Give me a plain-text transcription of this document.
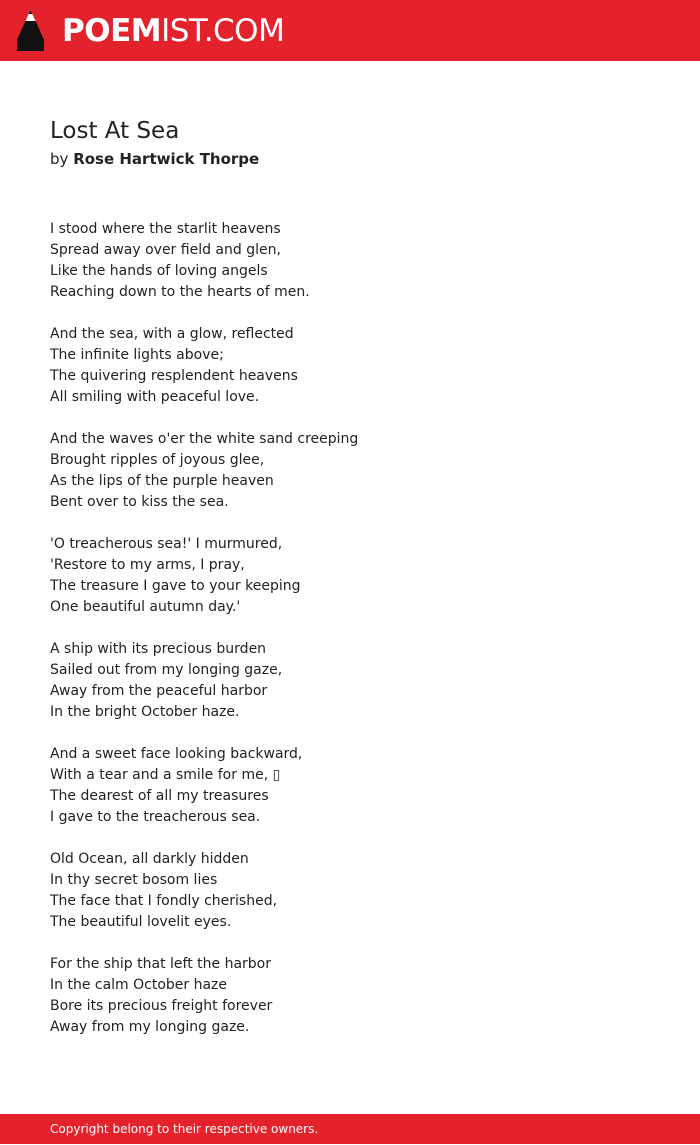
POEMIST.COM
Lost At Sea
by Rose Hartwick Thorpe
I stood where the starlit heavens
Spread away over field and glen,
Like the hands of loving angels
Reaching down to the hearts of men.
And the sea, with a glow, reflected
The infinite lights above;
The quivering resplendent heavens
All smiling with peaceful love.
And the waves o'er the white sand creeping
Brought ripples of joyous glee,
As the lips of the purple heaven
Bent over to kiss the sea.
'O treacherous sea!' I murmured,
'Restore to my arms, I pray,
The treasure I gave to your keeping
One beautiful autumn day.'
A ship with its precious burden
Sailed out from my longing gaze,
Away from the peaceful harbor
In the bright October haze.
And a sweet face looking backward,
With a tear and a smile for me, ▯
The dearest of all my treasures
I gave to the treacherous sea.
Old Ocean, all darkly hidden
In thy secret bosom lies
The face that I fondly cherished,
The beautiful lovelit eyes.
For the ship that left the harbor
In the calm October haze
Bore its precious freight forever
Away from my longing gaze.
Copyright belong to their respective owners.
